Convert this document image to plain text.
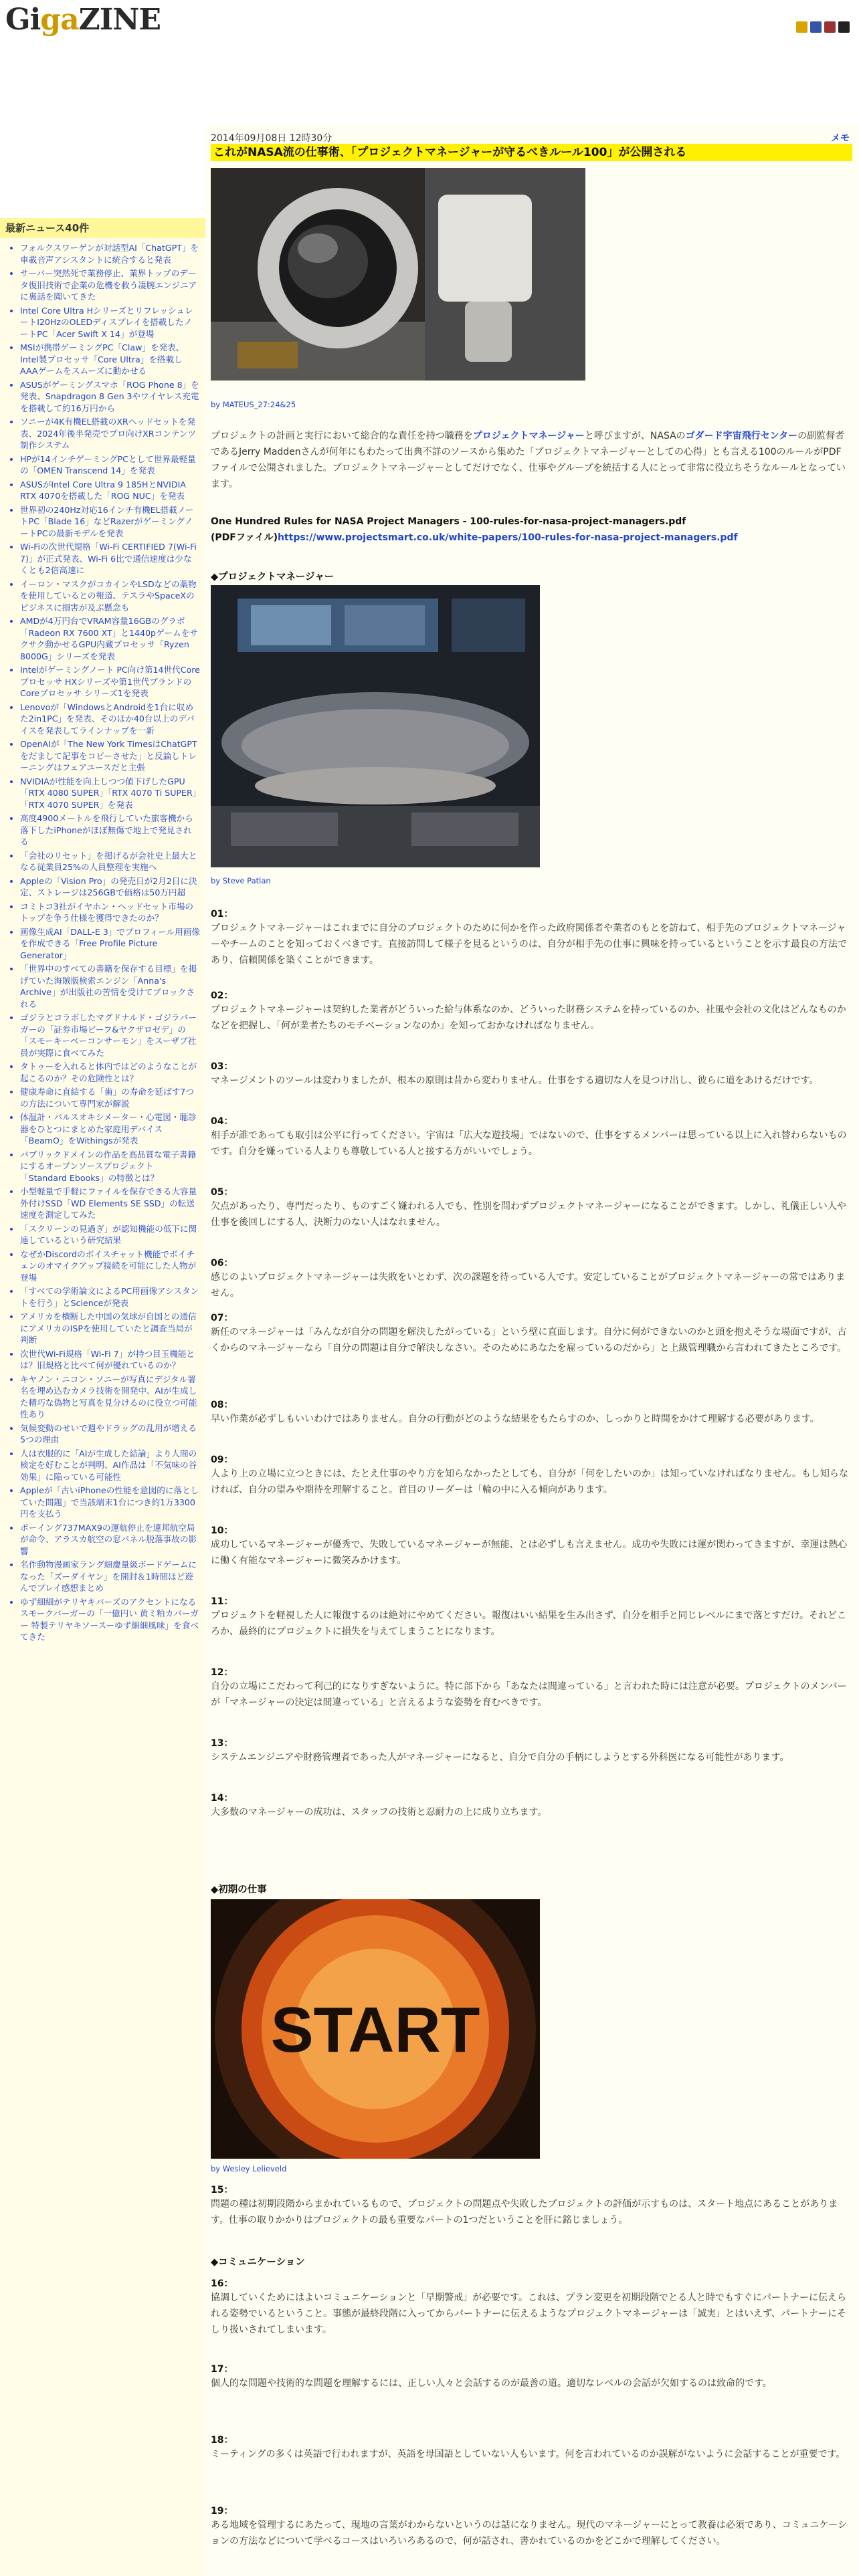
GigaZINE
最新ニュース40件
• フォルクスワーゲンが対話型AI「ChatGPT」を車載音声アシスタントに統合すると発表
• サーバー突然死で業務停止、業界トップのデータ復旧技術で企業の危機を救う凄腕エンジニアに裏話を聞いてきた
• Intel Core Ultra HシリーズとリフレッシュレートI20HzのOLEDディスプレイを搭載したノートPC「Acer Swift X 14」が登場
• MSIが携帯ゲーミングPC「Claw」を発表、Intel製プロセッサ「Core Ultra」を搭載しAAAゲームをスムーズに動かせる
• ASUSがゲーミングスマホ「ROG Phone 8」を発表、Snapdragon 8 Gen 3やワイヤレス充電を搭載して約16万円から
• ソニーが4K有機EL搭載のXRヘッドセットを発表、2024年後半発売でプロ向けXRコンテンツ制作システム
• HPが14インチゲーミングPCとして世界最軽量の「OMEN Transcend 14」を発表
• ASUSがIntel Core Ultra 9 185HとNVIDIA RTX 4070を搭載した「ROG NUC」を発表
• 世界初の240Hz対応16インチ有機EL搭載ノートPC「Blade 16」などRazerがゲーミングノートPCの最新モデルを発表
• Wi-Fiの次世代規格「Wi-Fi CERTIFIED 7(Wi-Fi 7)」が正式発表、Wi-Fi 6比で通信速度は少なくとも2倍高速に
• イーロン・マスクがコカインやLSDなどの薬物を使用しているとの報道、テスラやSpaceXのビジネスに損害が及ぶ懸念も
• AMDが4万円台でVRAM容量16GBのグラボ「Radeon RX 7600 XT」と1440pゲームをサクサク動かせるGPU内蔵プロセッサ「Ryzen 8000G」シリーズを発表
• Intelがゲーミングノート PC向け第14世代Coreプロセッサ HXシリーズや第1世代ブランドのCoreプロセッサ シリーズ1を発表
• Lenovoが「WindowsとAndroidを1台に収めた2in1PC」を発表、そのほか40台以上のデバイスを発表してラインナップを一新
• OpenAIが「The New York TimesはChatGPTをだまして記事をコピーさせた」と反論しトレーニングはフェアユースだと主張
• NVIDIAが性能を向上しつつ値下げしたGPU「RTX 4080 SUPER」「RTX 4070 Ti SUPER」「RTX 4070 SUPER」を発表
• 高度4900メートルを飛行していた旅客機から落下したiPhoneがほぼ無傷で地上で発見される
• 「会社のリセット」を掲げるが会社史上最大となる従業員25%の人員整理を実施へ
• Appleの「Vision Pro」の発売日が2月2日に決定、ストレージは256GBで価格は50万円超
• コミトコ3社がイヤホン・ヘッドセット市場のトップを争う仕様を獲得できたのか？
• 画像生成AI「DALL-E 3」でプロフィール用画像を作成できる「Free Profile Picture Generator」
• 「世界中のすべての書籍を保存する目標」を掲げていた海賊版検索エンジン「Anna's Archive」が出版社の苦情を受けてブロックされる
• ゴジラとコラボしたマグドナルド・ゴジラバーガーの「証券市場ビーフ&ヤクザロゼデ」の「スモーキーベーコンサーモン」をスーザブ社員が実際に食べてみた
• タトゥーを入れると体内ではどのようなことが起こるのか？その危険性とは？
• 健康寿命に直結する「歯」の寿命を延ばす7つの方法について専門家が解説
• 体温計・パルスオキシメーター・心電図・聴診器をひとつにまとめた家庭用デバイス「BeamO」をWithingsが発表
• パブリックドメインの作品を高品質な電子書籍にするオープンソースプロジェクト「Standard Ebooks」の特徴とは？
• 小型軽量で手軽にファイルを保存できる大容量外付けSSD「WD Elements SE SSD」の転送速度を測定してみた
• 「スクリーンの見過ぎ」が認知機能の低下に関連しているという研究結果
• なぜかDiscordのボイスチャット機能でボイチェンのオマイクアップ接続を可能にした人物が登場
• 「すべての学術論文によるPC用画像アシスタントを行う」とScienceが発表
• アメリカを横断した中国の気球が自国との通信にアメリカのISPを使用していたと調査当局が判断
• 次世代Wi-Fi規格「Wi-Fi 7」が持つ目玉機能とは？旧規格と比べて何が優れているのか？
• キヤノン・ニコン・ソニーが写真にデジタル署名を埋め込むカメラ技術を開発中、AIが生成した精巧な偽物と写真を見分けるのに役立つ可能性あり
• 気候変動のせいで週やドラッグの乱用が増える5つの理由
• 人は衣服的に「AIが生成した結論」より人間の検定を好むことが判明、AI作品は「不気味の谷効果」に陥っている可能性
• Appleが「古いiPhoneの性能を意図的に落としていた問題」で当該端末1台につき約1万3300円を支払う
• ボーイング737MAX9の運航停止を連邦航空局が命令、アラスカ航空の窓パネル脱落事故の影響
• 名作動物漫画家ラング細慶量級ボードゲームになった「ズーダイヤン」を開封＆1時間ほど遊んでプレイ感想まとめ
• ゆず細細がテリヤキバーズのアクセントになるスモークバーガーの「一億円い 黄ミ粕カバーガー 特製テリヤキソースーゆず細細風味」を食べてきた
2014年09月08日 12時30分	メモ
これがNASA流の仕事術、「プロジェクトマネージャーが守るべきルール100」が公開される
by MATEUS_27:24&25

プロジェクトの計画と実行において総合的な責任を持つ職務をプロジェクトマネージャーと呼びますが、NASAのゴダード宇宙飛行センターの副監督者であるJerry Maddenさんが何年にもわたって出典不詳のソースから集めた「プロジェクトマネージャーとしての心得」とも言える100のルールがPDFファイルで公開されました。プロジェクトマネージャーとしてだけでなく、仕事やグループを統括する人にとって非常に役立ちそうなルールとなっています。

One Hundred Rules for NASA Project Managers - 100-rules-for-nasa-project-managers.pdf
(PDFファイル)https://www.projectsmart.co.uk/white-papers/100-rules-for-nasa-project-managers.pdf
◆プロジェクトマネージャー
by Steve Patlan
01：

プロジェクトマネージャーはこれまでに自分のプロジェクトのために何かを作った政府関係者や業者のもとを訪ねて、相手先のプロジェクトマネージャーやチームのことを知っておくべきです。直接訪問して様子を見るというのは、自分が相手先の仕事に興味を持っているということを示す最良の方法であり、信頼関係を築くことができます。

02：

プロジェクトマネージャーは契約した業者がどういった給与体系なのか、どういった財務システムを持っているのか、社風や会社の文化はどんなものかなどを把握し、「何が業者たちのモチベーションなのか」を知っておかなければなりません。

03：

マネージメントのツールは変わりましたが、根本の原則は昔から変わりません。仕事をする適切な人を見つけ出し、彼らに道をあけるだけです。

04：

相手が誰であっても取引は公平に行ってください。宇宙は「広大な遊技場」ではないので、仕事をするメンバーは思っている以上に入れ替わらないものです。自分を嫌っている人よりも尊敬している人と接する方がいいでしょう。

05：

欠点があったり、専門だったり、ものすごく嫌われる人でも、性別を問わずプロジェクトマネージャーになることができます。しかし、礼儀正しい人や仕事を後回しにする人、決断力のない人はなれません。

06：

感じのよいプロジェクトマネージャーは失敗をいとわず、次の課題を待っている人です。安定していることがプロジェクトマネージャーの常ではありません。

07：

新任のマネージャーは「みんなが自分の問題を解決したがっている」という壁に直面します。自分に何ができないのかと頭を抱えそうな場面ですが、古くからのマネージャーなら「自分の問題は自分で解決しなさい。そのためにあなたを雇っているのだから」と上級管理職から言われてきたところです。

08：

早い作業が必ずしもいいわけではありません。自分の行動がどのような結果をもたらすのか、しっかりと時間をかけて理解する必要があります。

09：

人より上の立場に立つときには、たとえ仕事のやり方を知らなかったとしても、自分が「何をしたいのか」は知っていなければなりません。もし知らなければ、自分の望みや期待を理解すること。首目のリーダーは「輪の中に入る傾向があります。

10：

成功しているマネージャーが優秀で、失敗しているマネージャーが無能、とは必ずしも言えません。成功や失敗には運が関わってきますが、幸運は熱心に働く有能なマネージャーに微笑みかけます。

11：

プロジェクトを軽視した人に報復するのは絶対にやめてください。報復はいい結果を生み出さず、自分を相手と同じレベルにまで落とすだけ。それどころか、最終的にプロジェクトに損失を与えてしまうことになります。

12：

自分の立場にこだわって利己的になりすぎないように。特に部下から「あなたは間違っている」と言われた時には注意が必要。プロジェクトのメンバーが「マネージャーの決定は間違っている」と言えるような姿勢を育むべきです。

13：

システムエンジニアや財務管理者であった人がマネージャーになると、自分で自分の手柄にしようとする外科医になる可能性があります。

14：

大多数のマネージャーの成功は、スタッフの技術と忍耐力の上に成り立ちます。

◆初期の仕事
START
by Wesley Lelieveld
15：

問題の種は初期段階からまかれているもので、プロジェクトの問題点や失敗したプロジェクトの評価が示すものは、スタート地点にあることがあります。仕事の取りかかりはプロジェクトの最も重要なパートの1つだということを肝に銘じましょう。

◆コミュニケーション
16：

協調していくためにはよいコミュニケーションと「早期警戒」が必要です。これは、プラン変更を初期段階でとる人と時でもすぐにパートナーに伝えられる姿勢でいるということ。事態が最終段階に入ってからパートナーに伝えるようなプロジェクトマネージャーは「誠実」とはいえず、パートナーにそしり扱いされてしまいます。

17：

個人的な問題や技術的な問題を理解するには、正しい人々と会話するのが最善の道。適切なレベルの会話が欠如するのは致命的です。

18：

ミーティングの多くは英語で行われますが、英語を母国語としていない人もいます。何を言われているのか誤解がないように会話することが重要です。

19：

ある地域を管理するにあたって、現地の言葉がわからないというのは話になりません。現代のマネージャーにとって教養は必須であり、コミュニケーションの方法などについて学べるコースはいろいろあるので、何が話され、書かれているのかをどこかで理解してください。
